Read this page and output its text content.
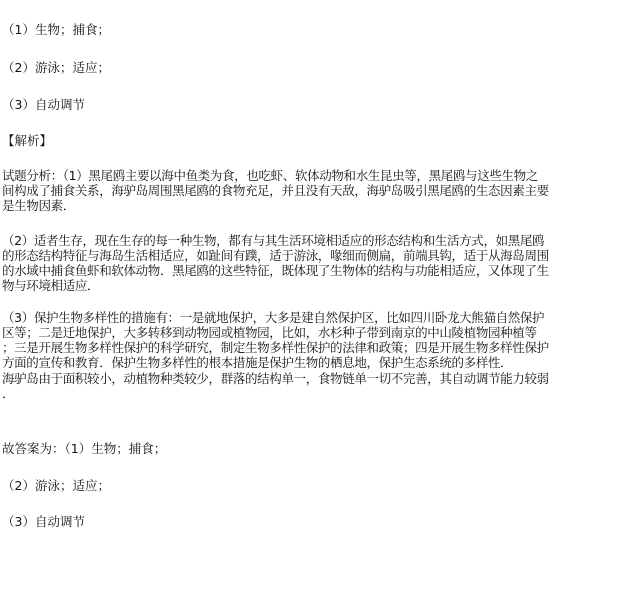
（1）生物；捕食；
（2）游泳；适应；
（3）自动调节
【解析】
试题分析：（1）黑尾鸥主要以海中鱼类为食，也吃虾、软体动物和水生昆虫等，黑尾鸥与这些生物之
间构成了捕食关系，海驴岛周围黑尾鸥的食物充足，并且没有天敌，海驴岛吸引黑尾鸥的生态因素主要
是生物因素．
（2）适者生存，现在生存的每一种生物，都有与其生活环境相适应的形态结构和生活方式，如黑尾鸥
的形态结构特征与海岛生活相适应，如趾间有蹼，适于游泳，喙细而侧扁，前端具钩，适于从海岛周围
的水域中捕食鱼虾和软体动物．黑尾鸥的这些特征，既体现了生物体的结构与功能相适应，又体现了生
物与环境相适应．
（3）保护生物多样性的措施有：一是就地保护，大多是建自然保护区，比如四川卧龙大熊猫自然保护
区等；二是迁地保护，大多转移到动物园或植物园，比如，水杉种子带到南京的中山陵植物园种植等
；三是开展生物多样性保护的科学研究，制定生物多样性保护的法律和政策；四是开展生物多样性保护
方面的宣传和教育．保护生物多样性的根本措施是保护生物的栖息地，保护生态系统的多样性．
海驴岛由于面积较小，动植物种类较少，群落的结构单一，食物链单一切不完善，其自动调节能力较弱
．
故答案为：（1）生物；捕食；
（2）游泳；适应；
（3）自动调节
